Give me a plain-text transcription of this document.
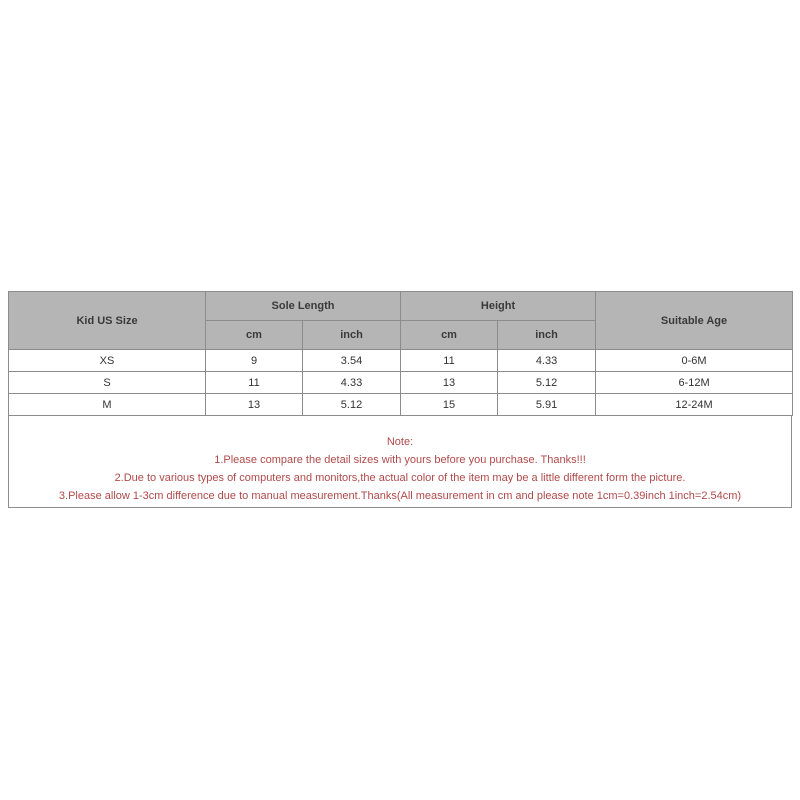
Kid US Size	Sole Length		Height		Suitable Age
	cm	inch	cm	inch	
XS	9	3.54	11	4.33	0-6M
S	11	4.33	13	5.12	6-12M
M	13	5.12	15	5.91	12-24M
Note:
1.Please compare the detail sizes with yours before you purchase. Thanks!!!
2.Due to various types of computers and monitors,the actual color of the item may be a little different form the picture.
3.Please allow 1-3cm difference due to manual measurement.Thanks(All measurement in cm and please note 1cm=0.39inch 1inch=2.54cm)
